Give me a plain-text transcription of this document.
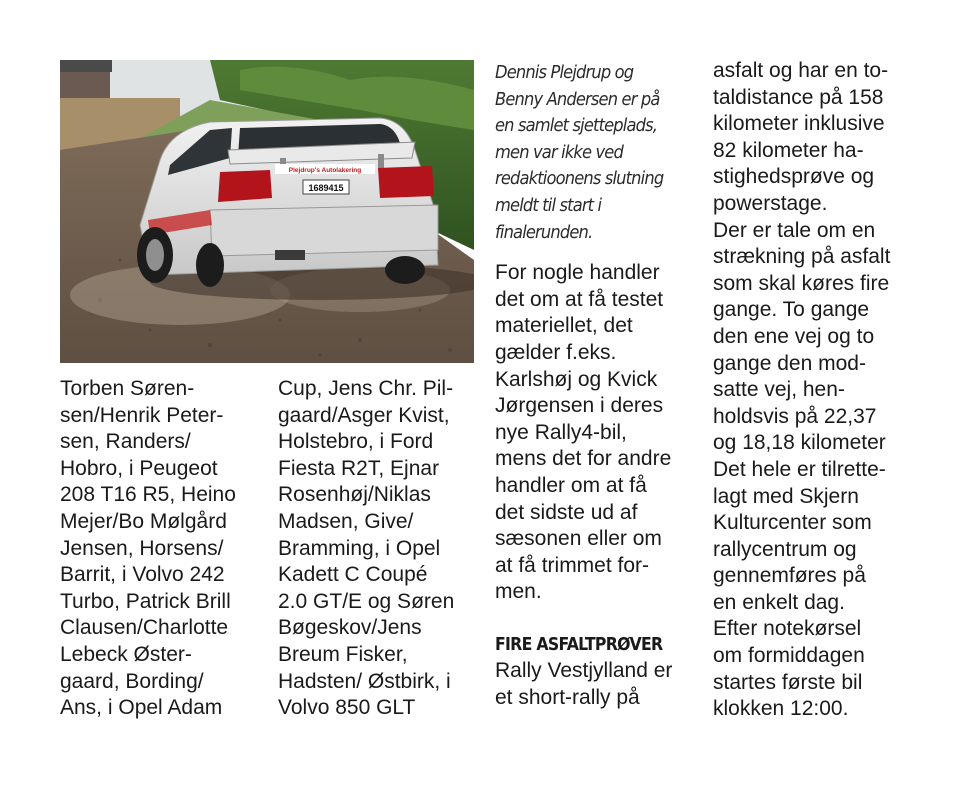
Plejdrup's Autolakering
1689415

Torben Søren-

sen/Henrik Peter-

sen, Randers/

Hobro, i Peugeot

208 T16 R5, Heino

Mejer/Bo Mølgård

Jensen, Horsens/

Barrit, i Volvo 242

Turbo, Patrick Brill

Clausen/Charlotte

Lebeck Øster-

gaard, Bording/

Ans, i Opel Adam

Cup, Jens Chr. Pil-

gaard/Asger Kvist,

Holstebro, i Ford

Fiesta R2T, Ejnar

Rosenhøj/Niklas

Madsen, Give/

Bramming, i Opel

Kadett C Coupé

2.0 GT/E og Søren

Bøgeskov/Jens

Breum Fisker,

Hadsten/ Østbirk, i

Volvo 850 GLT

Dennis Plejdrup og

Benny Andersen er på

en samlet sjetteplads,

men var ikke ved

redaktioonens slutning

meldt til start i

finalerunden.

For nogle handler

det om at få testet

materiellet, det

gælder f.eks.

Karlshøj og Kvick

Jørgensen i deres

nye Rally4-bil,

mens det for andre

handler om at få

det sidste ud af

sæsonen eller om

at få trimmet for-

men.

FIRE ASFALTPRØVER

Rally Vestjylland er

et short-rally på

asfalt og har en to-

taldistance på 158

kilometer inklusive

82 kilometer ha-

stighedsprøve og

powerstage.

Der er tale om en

strækning på asfalt

som skal køres fire

gange. To gange

den ene vej og to

gange den mod-

satte vej, hen-

holdsvis på 22,37

og 18,18 kilometer

Det hele er tilrette-

lagt med Skjern

Kulturcenter som

rallycentrum og

gennemføres på

en enkelt dag.

Efter notekørsel

om formiddagen

startes første bil

klokken 12:00.
